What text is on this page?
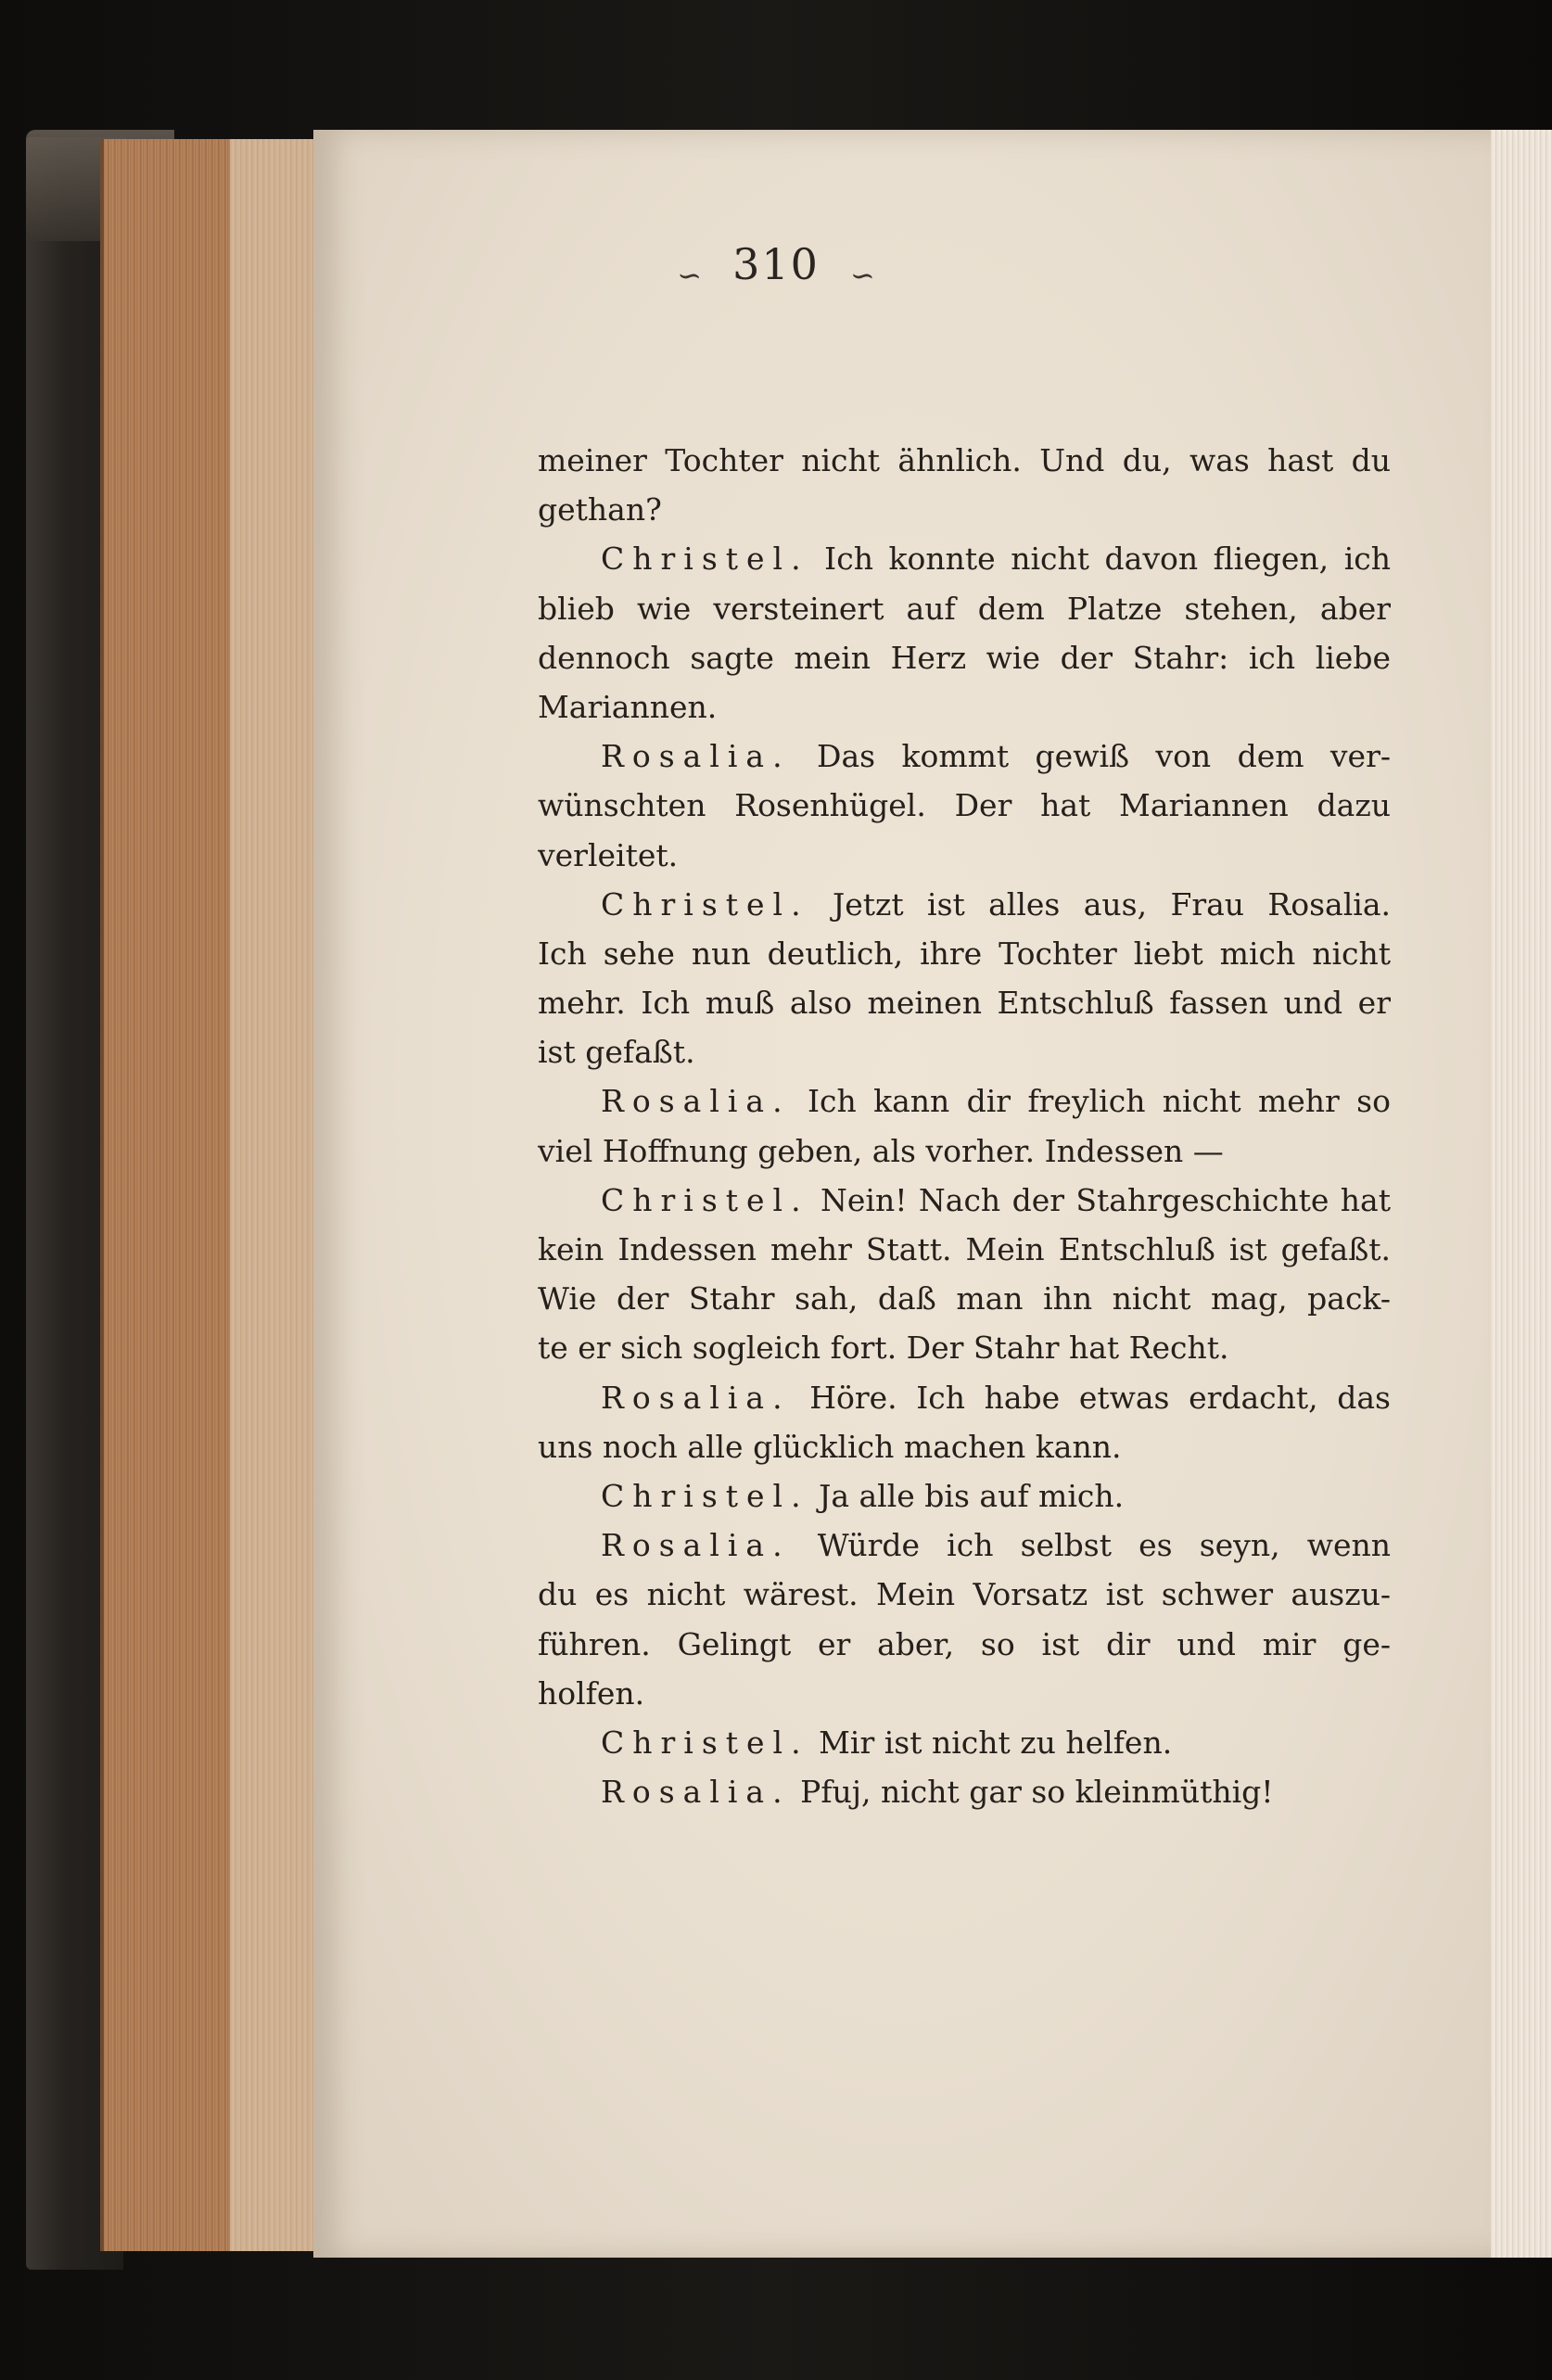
∽ 310 ∽
meiner Tochter nicht ähnlich. Und du, was hast du
gethan?
Christel. Ich konnte nicht davon fliegen, ich
blieb wie versteinert auf dem Platze stehen, aber
dennoch sagte mein Herz wie der Stahr: ich liebe
Mariannen.
Rosalia. Das kommt gewiß von dem ver-
wünschten Rosenhügel. Der hat Mariannen dazu
verleitet.
Christel. Jetzt ist alles aus, Frau Rosalia.
Ich sehe nun deutlich, ihre Tochter liebt mich nicht
mehr. Ich muß also meinen Entschluß fassen und er
ist gefaßt.
Rosalia. Ich kann dir freylich nicht mehr so
viel Hoffnung geben, als vorher. Indessen —
Christel. Nein! Nach der Stahrgeschichte hat
kein Indessen mehr Statt. Mein Entschluß ist gefaßt.
Wie der Stahr sah, daß man ihn nicht mag, pack-
te er sich sogleich fort. Der Stahr hat Recht.
Rosalia. Höre. Ich habe etwas erdacht, das
uns noch alle glücklich machen kann.
Christel. Ja alle bis auf mich.
Rosalia. Würde ich selbst es seyn, wenn
du es nicht wärest. Mein Vorsatz ist schwer auszu-
führen. Gelingt er aber, so ist dir und mir ge-
holfen.
Christel. Mir ist nicht zu helfen.
Rosalia. Pfuj, nicht gar so kleinmüthig!
